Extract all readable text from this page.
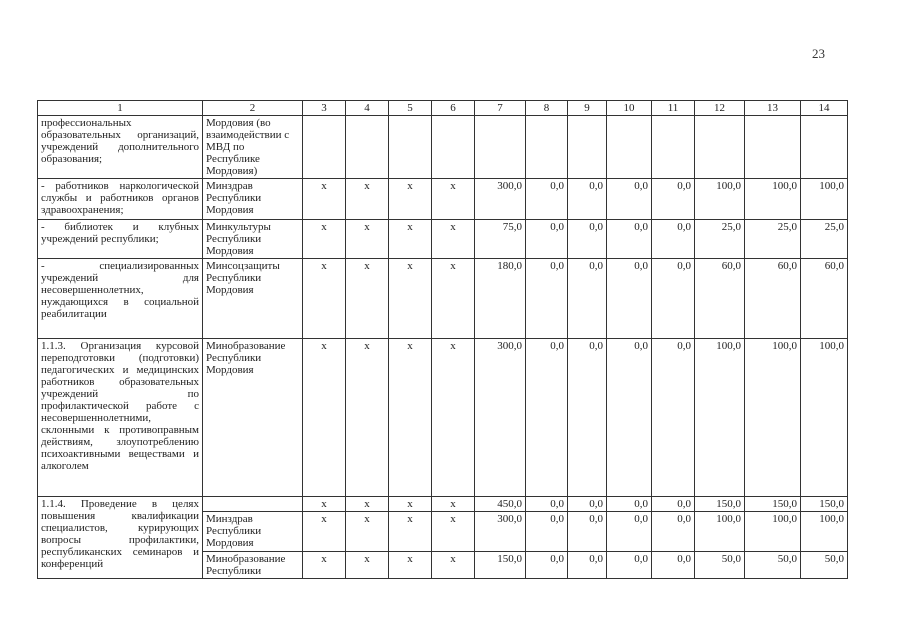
23
1	2	3	4	5	6	7	8	9	10	11	12	13	14
профессиональных образовательных организаций, учреждений дополнительного образования;	Мордовия (во взаимодействии с МВД по Республике Мордовия)												
- работников наркологической службы и работников органов здравоохранения;	Минздрав Республики Мордовия	х	х	х	х	300,0	0,0	0,0	0,0	0,0	100,0	100,0	100,0
- библиотек и клубных учреждений республики;	Минкультуры Республики Мордовия	х	х	х	х	75,0	0,0	0,0	0,0	0,0	25,0	25,0	25,0
- специализированных учреждений для несовершеннолетних, нуждающихся в социальной реабилитации	Минсоцзащиты Республики Мордовия	х	х	х	х	180,0	0,0	0,0	0,0	0,0	60,0	60,0	60,0
1.1.3. Организация курсовой переподготовки (подготовки) педагогических и медицинских работников образовательных учреждений по профилактической работе с несовершеннолетними, склонными к противоправным действиям, злоупотреблению психоактивными веществами и алкоголем	Минобразование Республики Мордовия	х	х	х	х	300,0	0,0	0,0	0,0	0,0	100,0	100,0	100,0
1.1.4. Проведение в целях повышения квалификации специалистов, курирующих вопросы профилактики, республиканских семинаров и конференций		х	х	х	х	450,0	0,0	0,0	0,0	0,0	150,0	150,0	150,0
	Минздрав Республики Мордовия	х	х	х	х	300,0	0,0	0,0	0,0	0,0	100,0	100,0	100,0
	Минобразование Республики	х	х	х	х	150,0	0,0	0,0	0,0	0,0	50,0	50,0	50,0
